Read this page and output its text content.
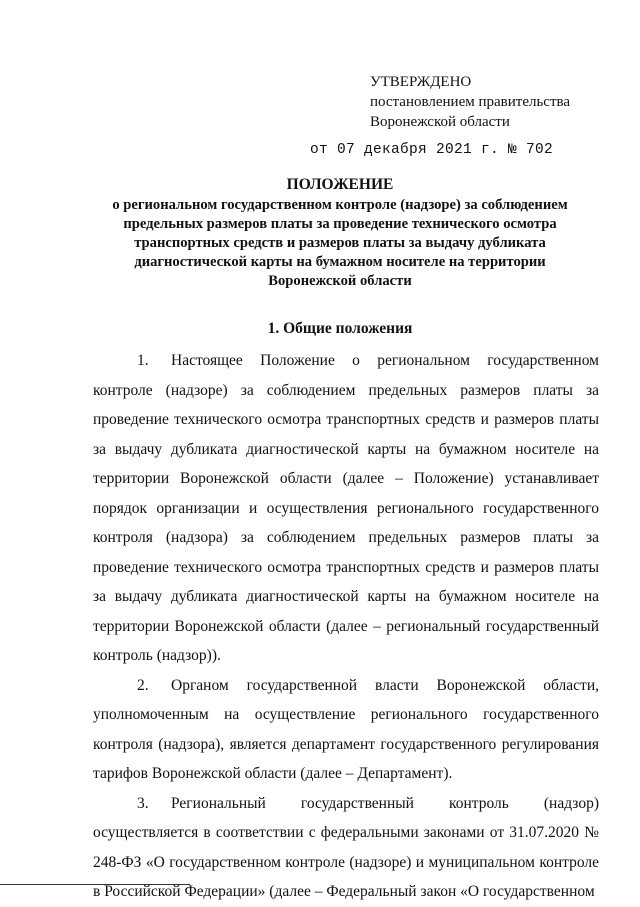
УТВЕРЖДЕНО
постановлением правительства
Воронежской области
от 07 декабря 2021 г. № 702
ПОЛОЖЕНИЕ
о региональном государственном контроле (надзоре) за соблюдением
предельных размеров платы за проведение технического осмотра
транспортных средств и размеров платы за выдачу дубликата
диагностической карты на бумажном носителе на территории
Воронежской области
1. Общие положения

1. Настоящее Положение о региональном государственном контроле (надзоре) за соблюдением предельных размеров платы за проведение технического осмотра транспортных средств и размеров платы за выдачу дубликата диагностической карты на бумажном носителе на территории Воронежской области (далее – Положение) устанавливает порядок организации и осуществления регионального государственного контроля (надзора) за соблюдением предельных размеров платы за проведение технического осмотра транспортных средств и размеров платы за выдачу дубликата диагностической карты на бумажном носителе на территории Воронежской области (далее – региональный государственный контроль (надзор)).

2. Органом государственной власти Воронежской области, уполномоченным на осуществление регионального государственного контроля (надзора), является департамент государственного регулирования тарифов Воронежской области (далее – Департамент).

3. Региональный государственный контроль (надзор) осуществляется в соответствии с федеральными законами от 31.07.2020 № 248-ФЗ «О государственном контроле (надзоре) и муниципальном контроле в Российской Федерации» (далее – Федеральный закон «О государственном
